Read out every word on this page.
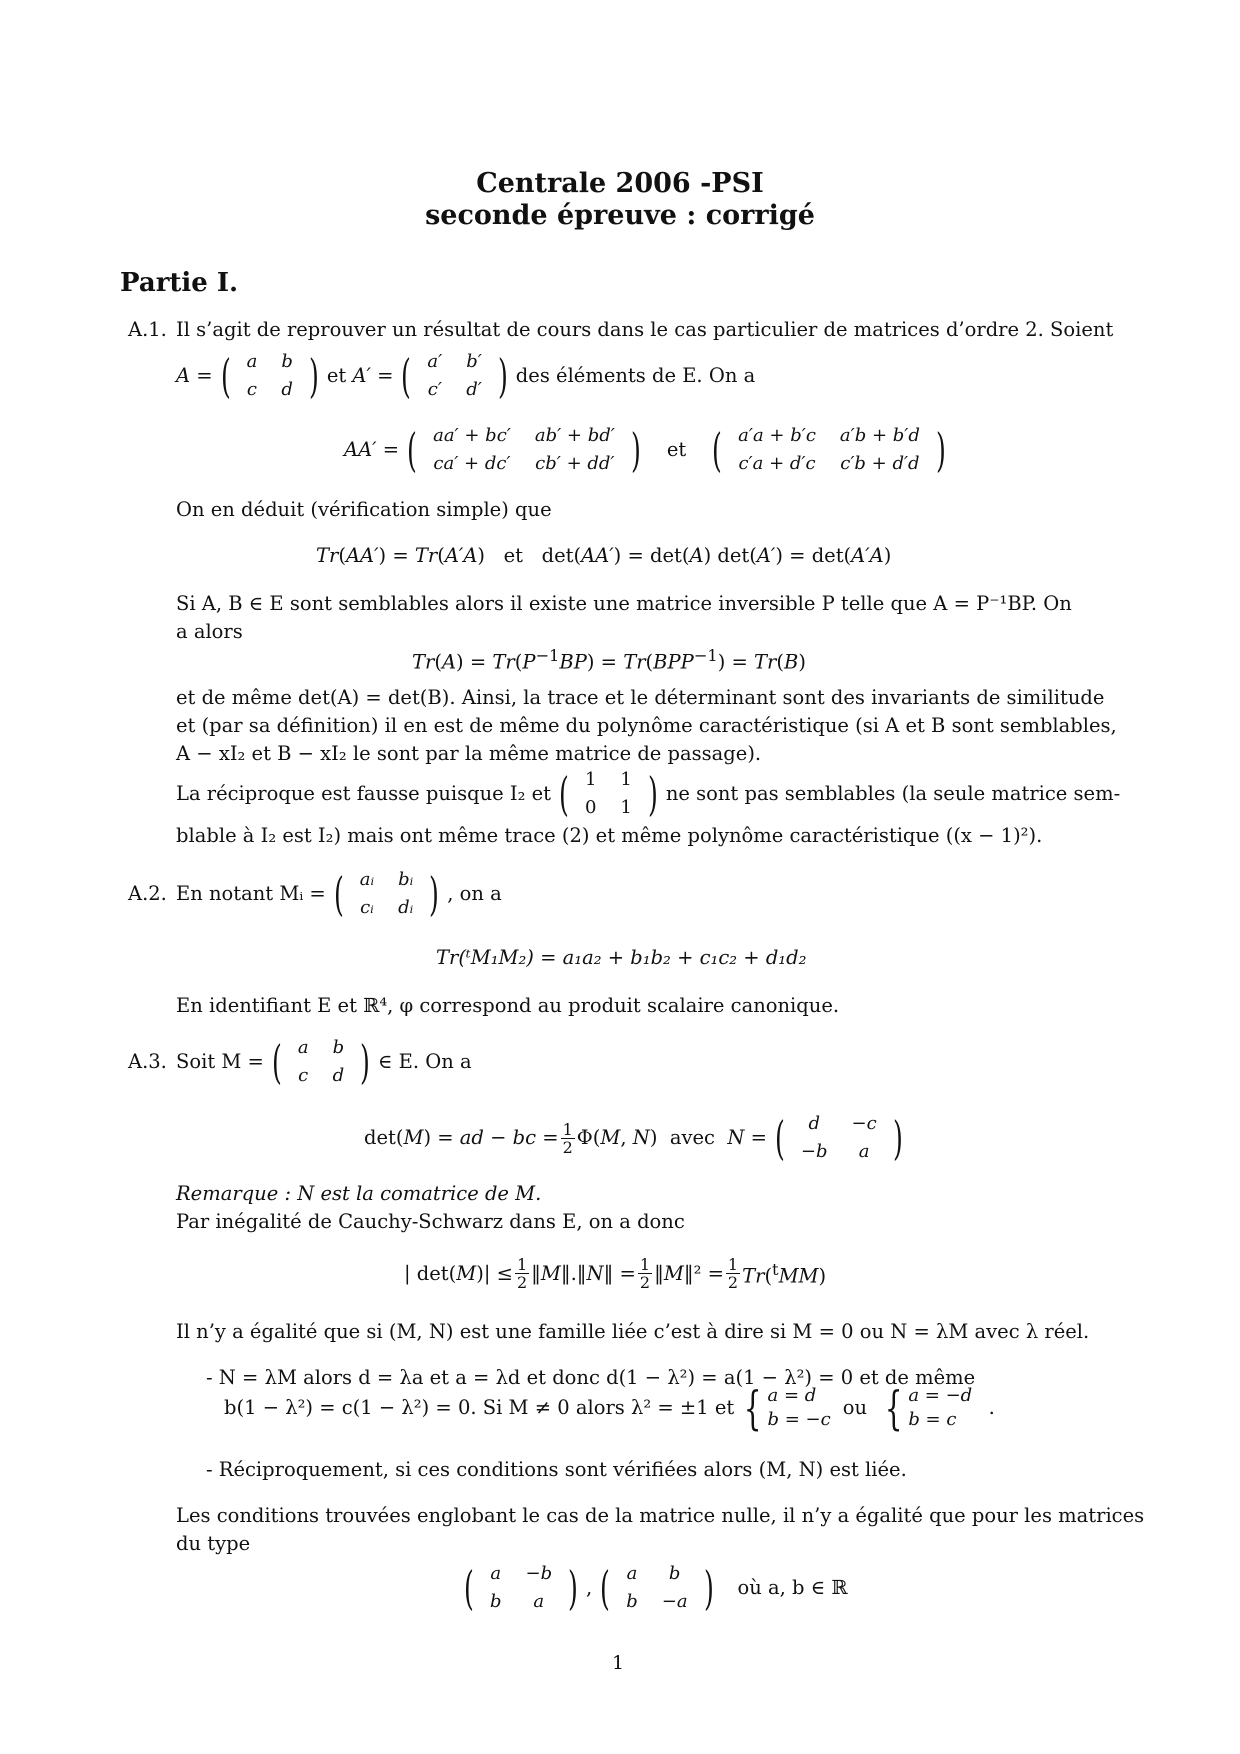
Centrale 2006 -PSI
seconde épreuve : corrigé
Partie I.
A.1. Il s’agit de reprouver un résultat de cours dans le cas particulier de matrices d’ordre 2. Soient
A = ( a	b
c	d ) et A′ = ( a′	b′
c′	d′ ) des éléments de E. On a
AA′ = ( aa′ + bc′	ab′ + bd′
ca′ + dc′	cb′ + dd′ ) et ( a′a + b′c	a′b + b′d
c′a + d′c	c′b + d′d )
On en déduit (vérification simple) que
Tr(AA′) = Tr(A′A)   et   det(AA′) = det(A) det(A′) = det(A′A)
Si A, B ∈ E sont semblables alors il existe une matrice inversible P telle que A = P⁻¹BP. On
a alors
$Tr(A) = Tr(P^{-1}BP) = Tr(BPP^{-1}) = Tr(B)$
et de même det(A) = det(B). Ainsi, la trace et le déterminant sont des invariants de similitude
et (par sa définition) il en est de même du polynôme caractéristique (si A et B sont semblables,
A − xI₂ et B − xI₂ le sont par la même matrice de passage).
La réciproque est fausse puisque I₂ et ( 1	1
0	1 ) ne sont pas semblables (la seule matrice sem-
blable à I₂ est I₂) mais ont même trace (2) et même polynôme caractéristique ((x − 1)²).
A.2. En notant Mᵢ = ( aᵢ	bᵢ
cᵢ	dᵢ ) , on a
Tr(ᵗM₁M₂) = a₁a₂ + b₁b₂ + c₁c₂ + d₁d₂
En identifiant E et ℝ⁴, φ correspond au produit scalaire canonique.
A.3. Soit M = ( a	b
c	d ) ∈ E. On a
det(M) = ad − bc = $\frac{1}{2} \Phi(M$, N)  avec  N = ( d	−c
−b	a )
Remarque : N est la comatrice de M.
Par inégalité de Cauchy-Schwarz dans E, on a donc
| $\det(M)| \le \frac{1}{2}$ ‖M‖.‖N‖ = $\frac{1}{2}$ ‖M‖² = $\frac{1}{2} Tr(^tMM)$
Il n’y a égalité que si (M, N) est une famille liée c’est à dire si M = 0 ou N = λM avec λ réel.
- N = λM alors d = λa et a = λd et donc d(1 − λ²) = a(1 − λ²) = 0 et de même
b(1 − λ²) = c(1 − λ²) = 0. Si M ≠ 0 alors λ² = ±1 et { a = d
b = −c
ou { a = −d
b = c
.
- Réciproquement, si ces conditions sont vérifiées alors (M, N) est liée.
Les conditions trouvées englobant le cas de la matrice nulle, il n’y a égalité que pour les matrices
du type
( a	−b
b	a ) , ( a	b
b	−a ) où a, b ∈ ℝ
1
